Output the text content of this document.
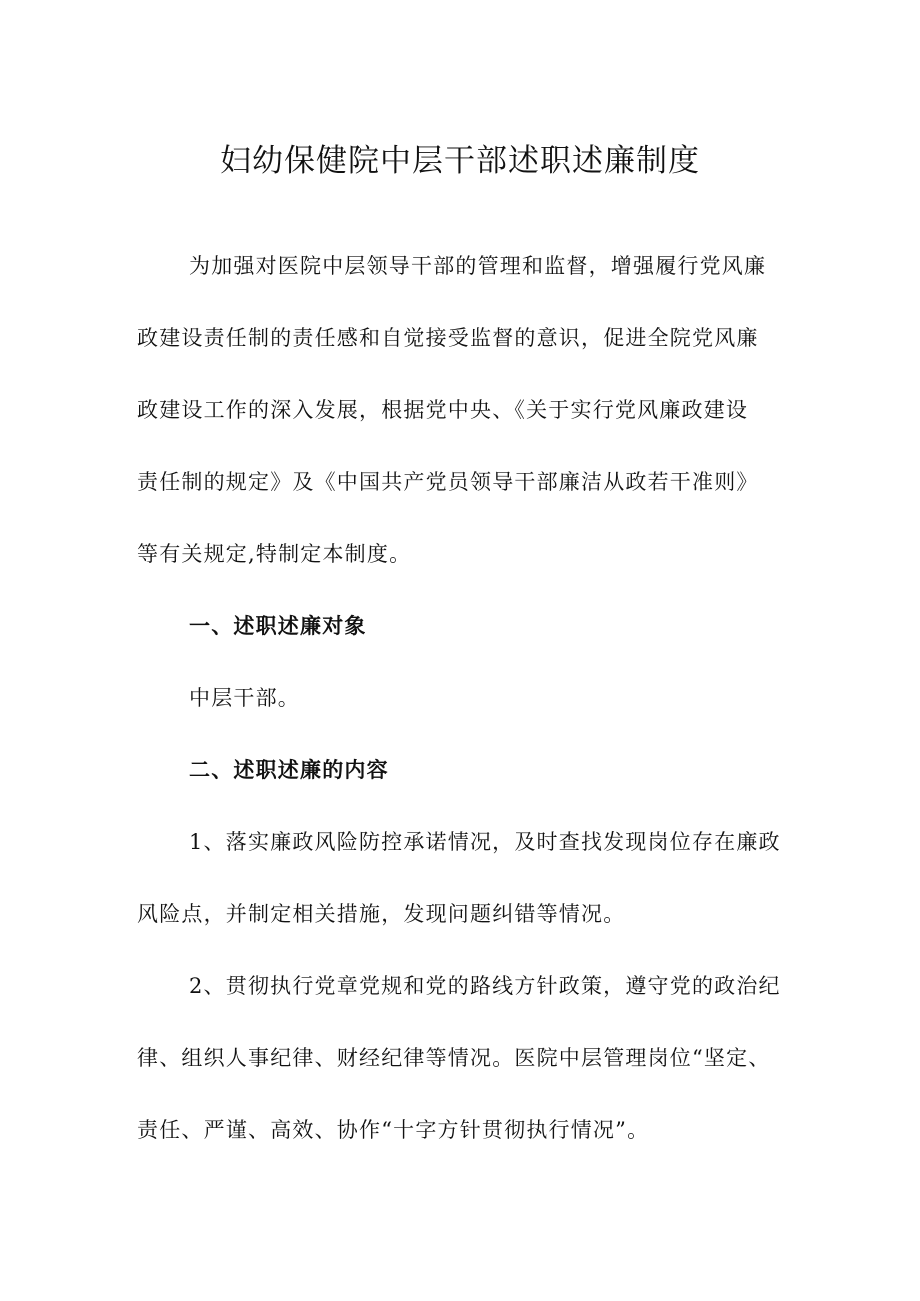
妇幼保健院中层干部述职述廉制度
为加强对医院中层领导干部的管理和监督，增强履行党风廉
政建设责任制的责任感和自觉接受监督的意识，促进全院党风廉
政建设工作的深入发展，根据党中央、《关于实行党风廉政建设
责任制的规定》及《中国共产党员领导干部廉洁从政若干准则》
等有关规定,特制定本制度。
一、述职述廉对象
中层干部。
二、述职述廉的内容
1、落实廉政风险防控承诺情况，及时查找发现岗位存在廉政
风险点，并制定相关措施，发现问题纠错等情况。
2、贯彻执行党章党规和党的路线方针政策，遵守党的政治纪
律、组织人事纪律、财经纪律等情况。医院中层管理岗位“坚定、
责任、严谨、高效、协作“十字方针贯彻执行情况”。
